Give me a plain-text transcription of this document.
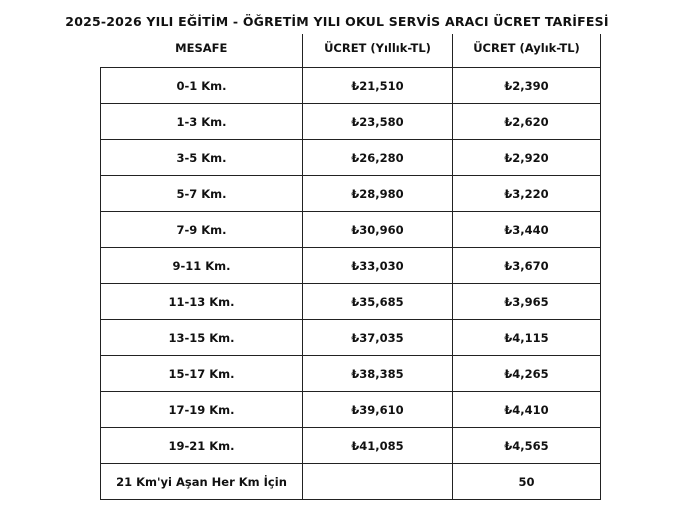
2025-2026 YILI EĞİTİM - ÖĞRETİM YILI OKUL SERVİS ARACI ÜCRET TARİFESİ
MESAFE	ÜCRET (Yıllık-TL)	ÜCRET (Aylık-TL)
0-1 Km.	₺21,510	₺2,390
1-3 Km.	₺23,580	₺2,620
3-5 Km.	₺26,280	₺2,920
5-7 Km.	₺28,980	₺3,220
7-9 Km.	₺30,960	₺3,440
9-11 Km.	₺33,030	₺3,670
11-13 Km.	₺35,685	₺3,965
13-15 Km.	₺37,035	₺4,115
15-17 Km.	₺38,385	₺4,265
17-19 Km.	₺39,610	₺4,410
19-21 Km.	₺41,085	₺4,565
21 Km'yi Aşan Her Km İçin		50
